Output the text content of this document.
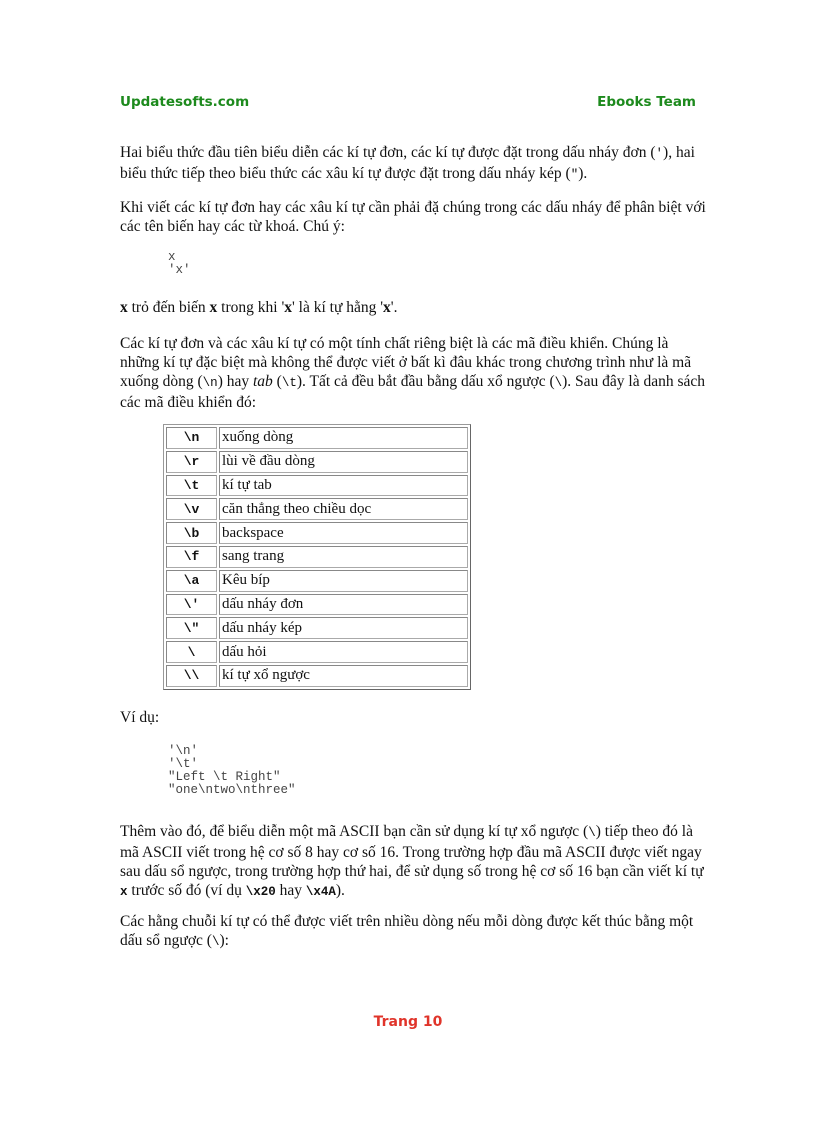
Updatesofts.com	Ebooks Team

Hai biểu thức đầu tiên biểu diễn các kí tự đơn, các kí tự được đặt trong dấu nháy đơn ('), hai biểu thức tiếp theo biểu thức các xâu kí tự được đặt trong dấu nháy kép (").

Khi viết các kí tự đơn hay các xâu kí tự cần phải đặ chúng trong các dấu nháy để phân biệt với các tên biến hay các từ khoá. Chú ý:

x
'x'

x trỏ đến biến x trong khi 'x' là kí tự hằng 'x'.

Các kí tự đơn và các xâu kí tự có một tính chất riêng biệt là các mã điều khiển. Chúng là những kí tự đặc biệt mà không thể được viết ở bất kì đâu khác trong chương trình như là mã xuống dòng (\n) hay tab (\t). Tất cả đều bắt đầu bằng dấu xổ ngược (\). Sau đây là danh sách các mã điều khiển đó:

\n	xuống dòng
\r	lùi về đầu dòng
\t	kí tự tab
\v	căn thẳng theo chiều dọc
\b	backspace
\f	sang trang
\a	Kêu bíp
\'	dấu nháy đơn
\"	dấu nháy kép
\	dấu hỏi
\\	kí tự xổ ngược

Ví dụ:

'\n'
'\t'
"Left \t Right"
"one\ntwo\nthree"

Thêm vào đó, để biểu diễn một mã ASCII bạn cần sử dụng kí tự xổ ngược (\) tiếp theo đó là mã ASCII viết trong hệ cơ số 8 hay cơ số 16. Trong trường hợp đầu mã ASCII được viết ngay sau dấu sổ ngược, trong trường hợp thứ hai, để sử dụng số trong hệ cơ số 16 bạn cần viết kí tự x trước số đó (ví dụ \x20 hay \x4A).

Các hằng chuỗi kí tự có thể được viết trên nhiều dòng nếu mỗi dòng được kết thúc bằng một dấu sổ ngược (\):

Trang 10
